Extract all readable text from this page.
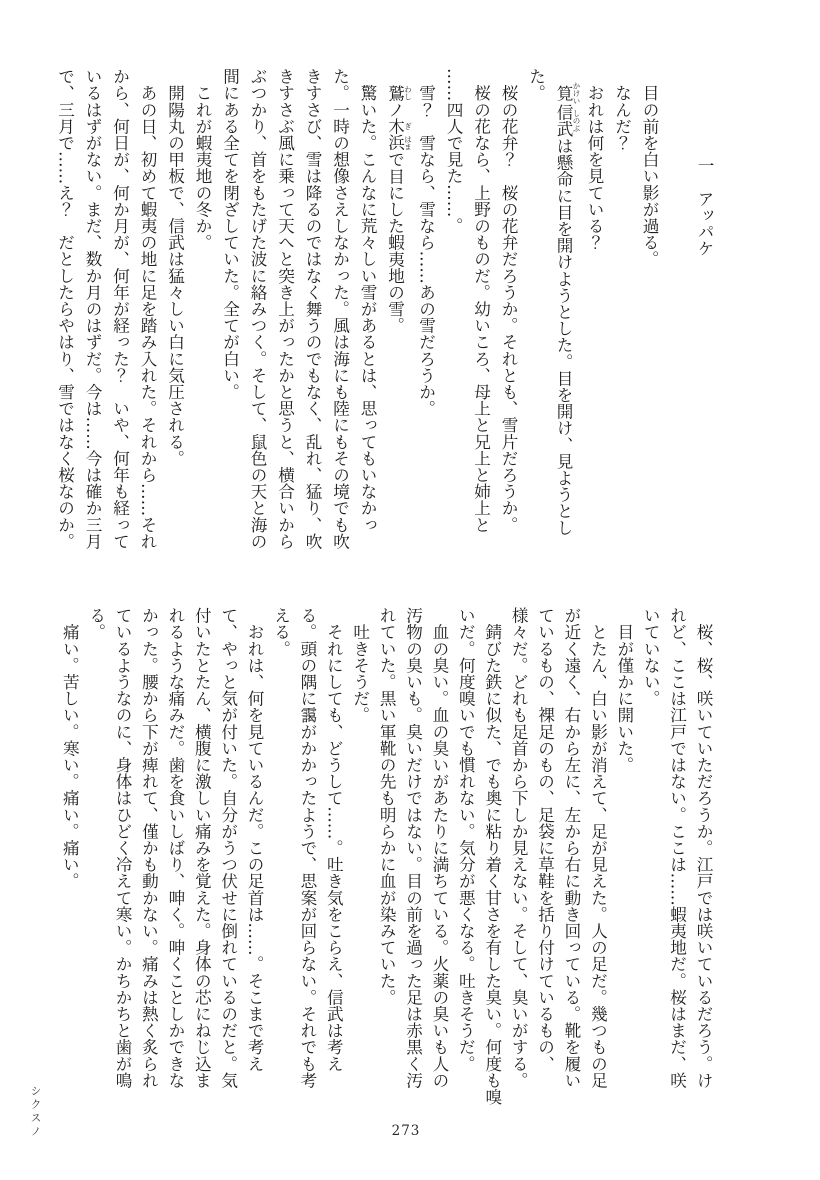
一　アッパケ

　目の前を白い影が過る。

　なんだ？

　おれは何を見ている？

　筧 かけい信武 しのぶは懸命に目を開けようとした。目を開け、見ようとし

た。

　桜の花弁？　桜の花弁だろうか。それとも、雪片だろうか。

　桜の花なら、上野のものだ。幼いころ、母上と兄上と姉上と

……四人で見た……。

　雪？　雪なら、雪なら……あの雪だろうか。

　鷲 わしノ木 ぎ浜 はまで目にした蝦夷地の雪。

　驚いた。こんなに荒々しい雪があるとは、思ってもいなかっ

た。一時の想像さえしなかった。風は海にも陸にもその境でも吹

きすさび、雪は降るのではなく舞うのでもなく、乱れ、猛り、吹

きすさぶ風に乗って天へと突き上がったかと思うと、横合いから

ぶつかり、首をもたげた波に絡みつく。そして、鼠色の天と海の

間にある全てを閉ざしていた。全てが白い。

　これが蝦夷地の冬か。

　開陽丸の甲板で、信武は猛々しい白に気圧される。

　あの日、初めて蝦夷の地に足を踏み入れた。それから……それ

から、何日が、何か月が、何年が経った？　いや、何年も経って

いるはずがない。まだ、数か月のはずだ。今は……今は確か三月

で、三月で……え？　だとしたらやはり、雪ではなく桜なのか。

　桜、桜、咲いていただろうか。江戸では咲いているだろう。け

れど、ここは江戸ではない。ここは……蝦夷地だ。桜はまだ、咲

いていない。

　目が僅かに開いた。

　とたん、白い影が消えて、足が見えた。人の足だ。幾つもの足

が近く遠く、右から左に、左から右に動き回っている。靴を履い

ているもの、裸足のもの、足袋に草鞋を括り付けているもの、

様々だ。どれも足首から下しか見えない。そして、臭いがする。

　錆びた鉄に似た、でも奥に粘り着く甘さを有した臭い。何度も嗅

いだ。何度嗅いでも慣れない。気分が悪くなる。吐きそうだ。

　血の臭い。血の臭いがあたりに満ちている。火薬の臭いも人の

汚物の臭いも。臭いだけではない。目の前を過った足は赤黒く汚

れていた。黒い軍靴の先も明らかに血が染みていた。

　吐きそうだ。

　それにしても、どうして……。吐き気をこらえ、信武は考え

る。頭の隅に靄がかかったようで、思案が回らない。それでも考

える。

　おれは、何を見ているんだ。この足首は……。そこまで考え

て、やっと気が付いた。自分がうつ伏せに倒れているのだと。気

付いたとたん、横腹に激しい痛みを覚えた。身体の芯にねじ込ま

れるような痛みだ。歯を食いしばり、呻く。呻くことしかできな

かった。腰から下が痺れて、僅かも動かない。痛みは熱く炙られ

ているようなのに、身体はひどく冷えて寒い。かちかちと歯が鳴

る。

　痛い。苦しい。寒い。痛い。痛い。

シクスノ	273
